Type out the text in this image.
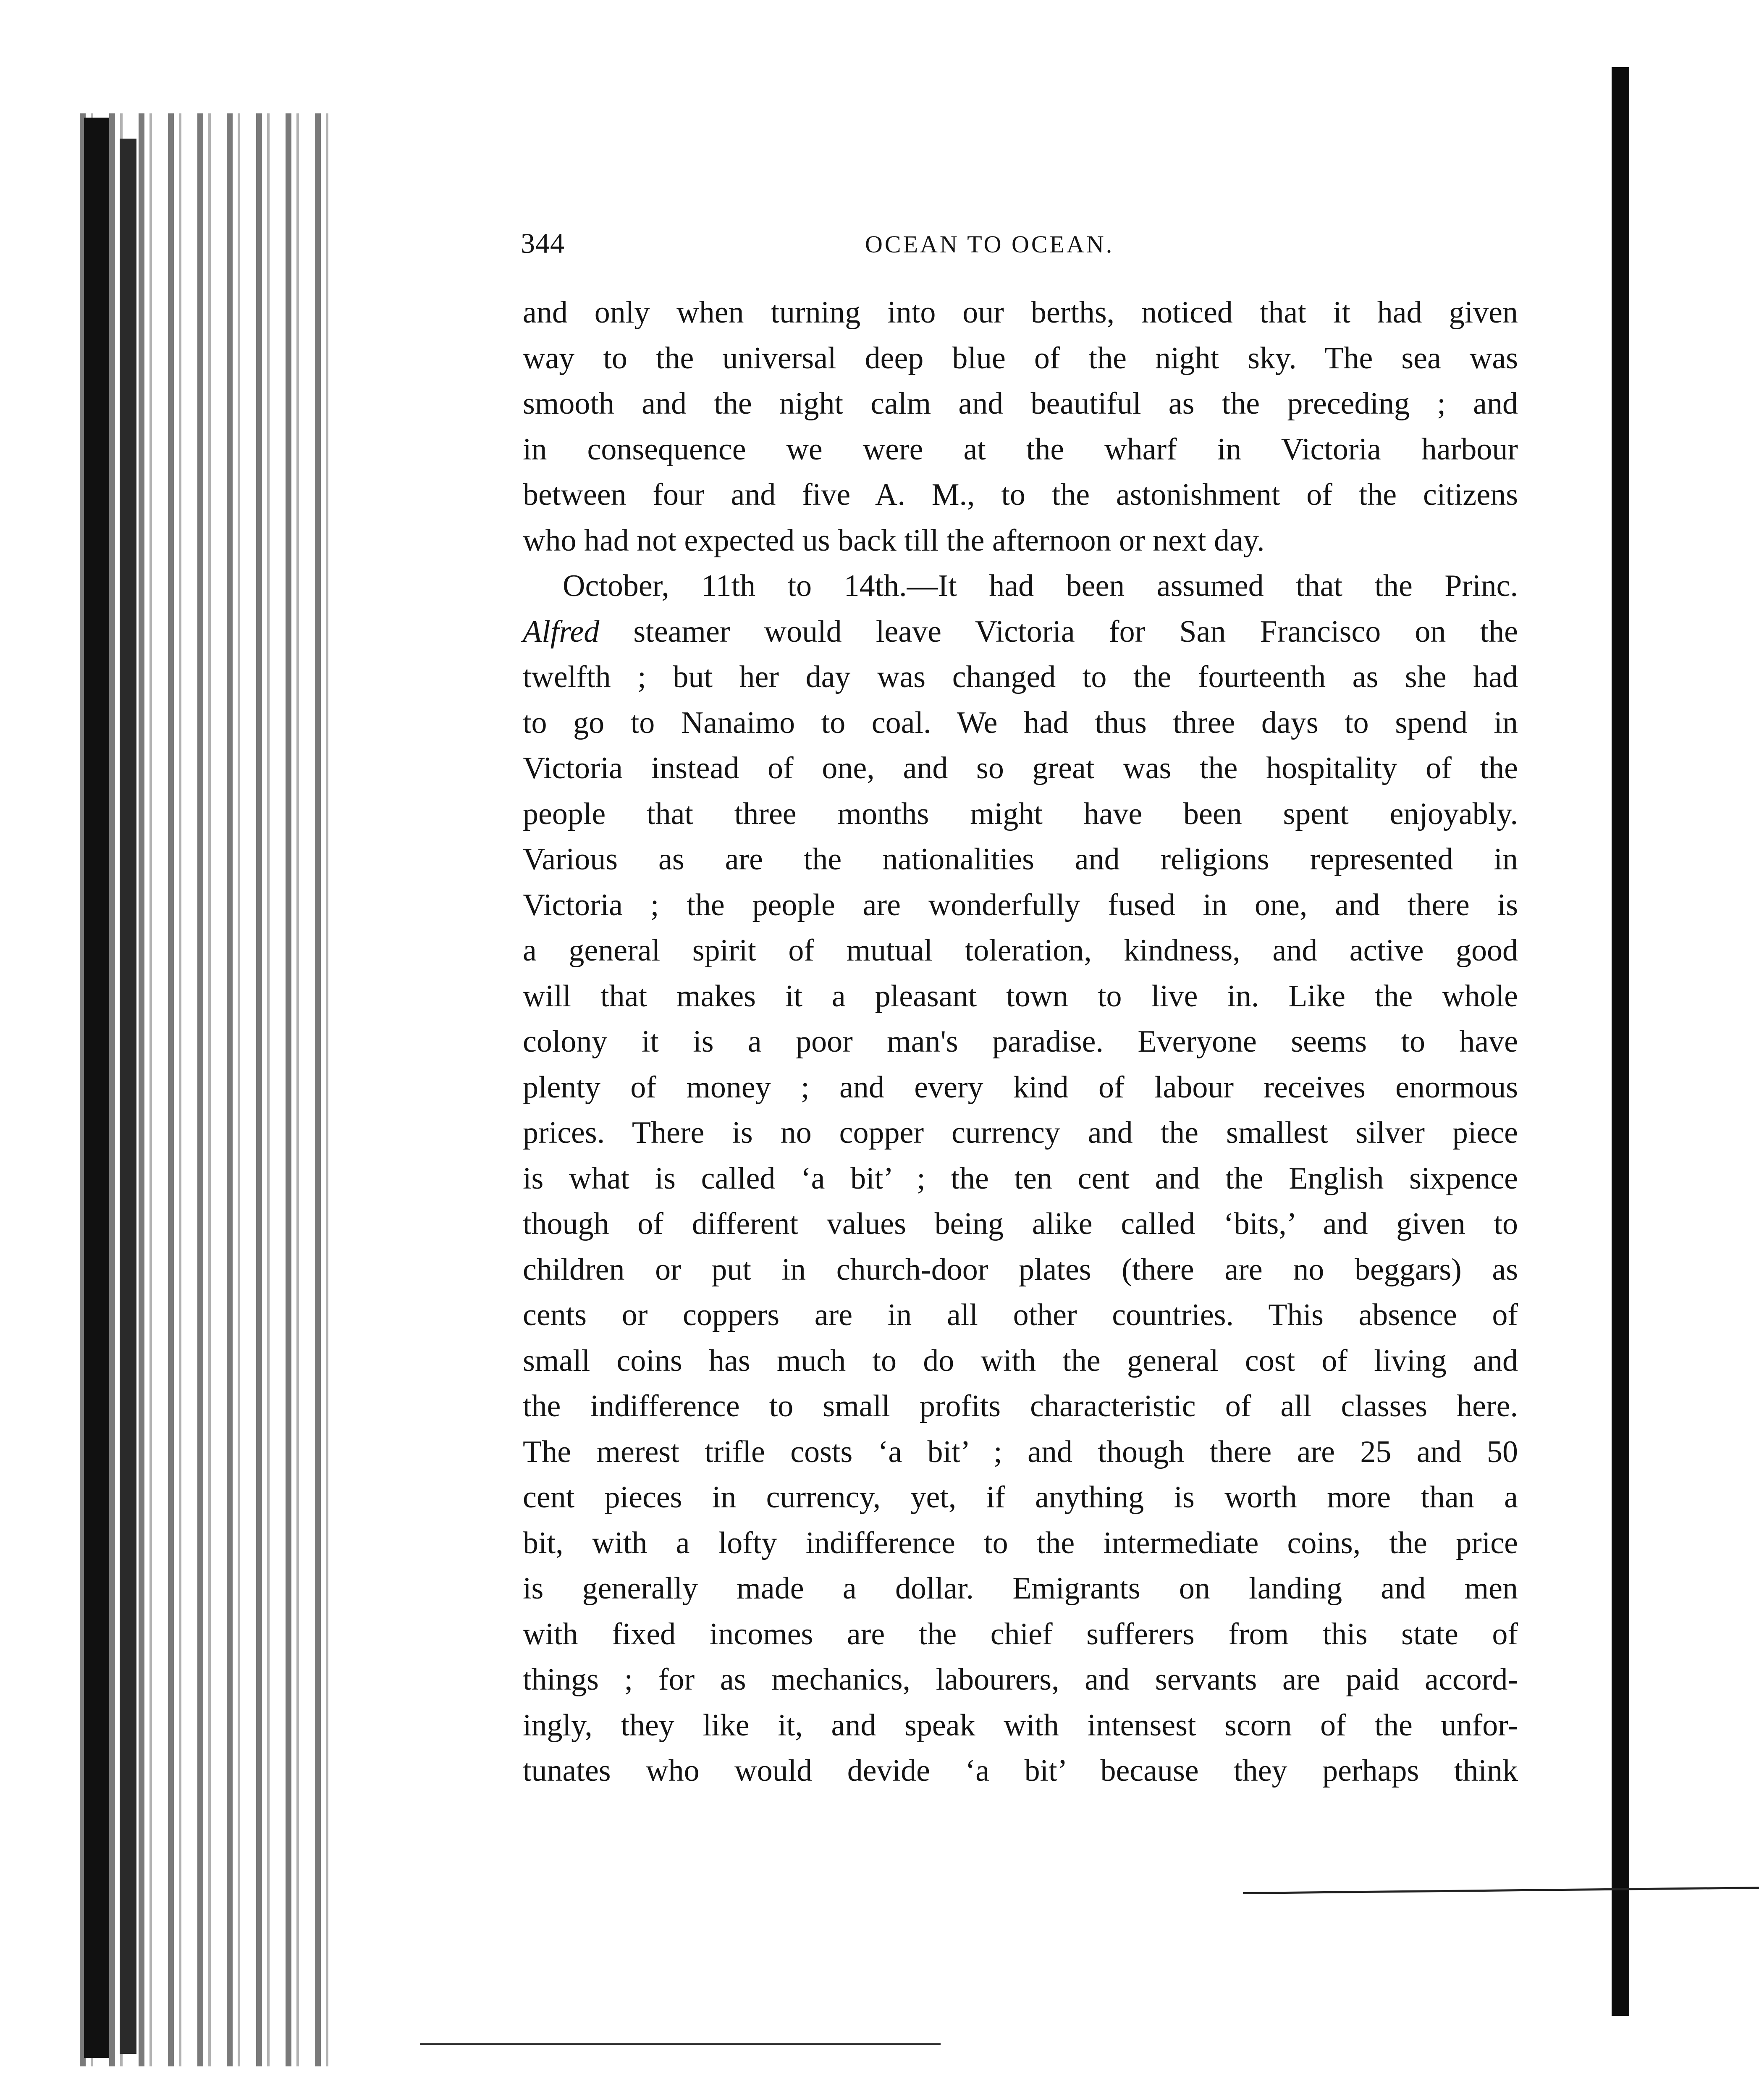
344	OCEAN TO OCEAN.
and only when turning into our berths, noticed that it had given
way to the universal deep blue of the night sky. The sea was
smooth and the night calm and beautiful as the preceding ; and
in consequence we were at the wharf in Victoria harbour
between four and five A. M., to the astonishment of the citizens
who had not expected us back till the afternoon or next day.
October, 11th to 14th.—It had been assumed that the Princ.
Alfred steamer would leave Victoria for San Francisco on the
twelfth ; but her day was changed to the fourteenth as she had
to go to Nanaimo to coal. We had thus three days to spend in
Victoria instead of one, and so great was the hospitality of the
people that three months might have been spent enjoyably.
Various as are the nationalities and religions represented in
Victoria ; the people are wonderfully fused in one, and there is
a general spirit of mutual toleration, kindness, and active good
will that makes it a pleasant town to live in. Like the whole
colony it is a poor man's paradise. Everyone seems to have
plenty of money ; and every kind of labour receives enormous
prices. There is no copper currency and the smallest silver piece
is what is called ‘a bit’ ; the ten cent and the English sixpence
though of different values being alike called ‘bits,’ and given to
children or put in church-door plates (there are no beggars) as
cents or coppers are in all other countries. This absence of
small coins has much to do with the general cost of living and
the indifference to small profits characteristic of all classes here.
The merest trifle costs ‘a bit’ ; and though there are 25 and 50
cent pieces in currency, yet, if anything is worth more than a
bit, with a lofty indifference to the intermediate coins, the price
is generally made a dollar. Emigrants on landing and men
with fixed incomes are the chief sufferers from this state of
things ; for as mechanics, labourers, and servants are paid accord-
ingly, they like it, and speak with intensest scorn of the unfor-
tunates who would devide ‘a bit’ because they perhaps think
